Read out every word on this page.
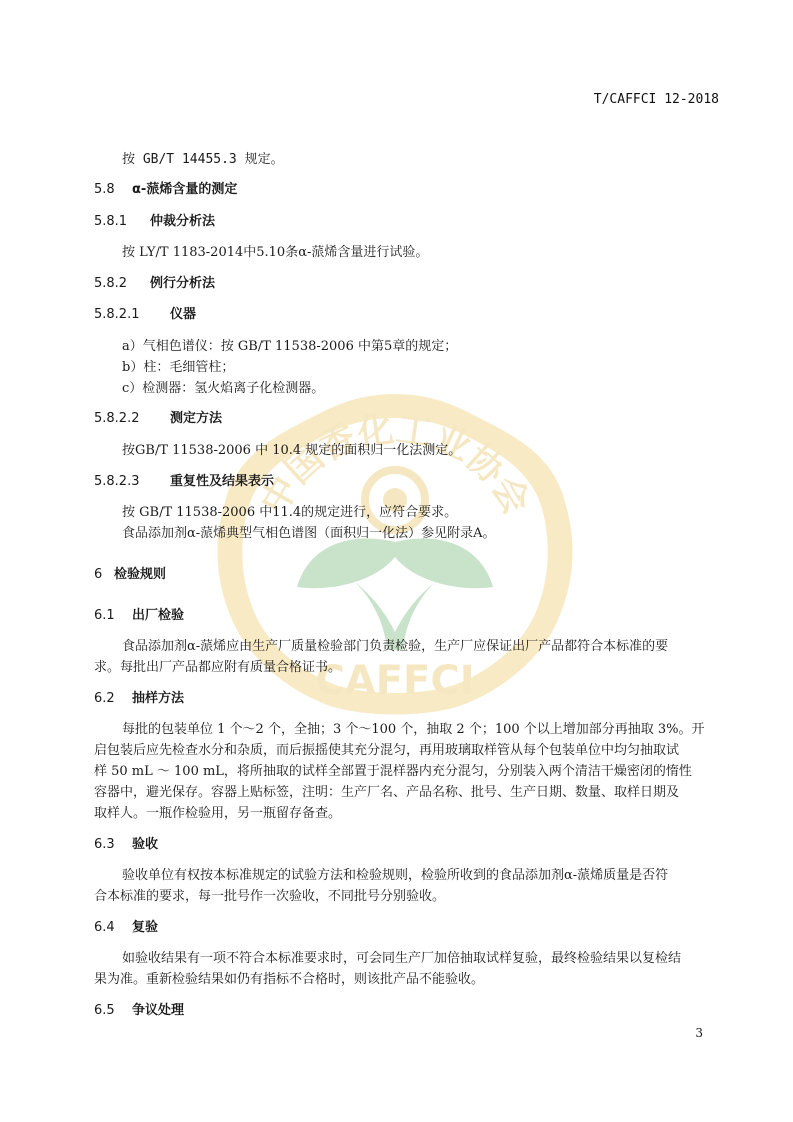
中国香化工业协会
CAFFCI
T/CAFFCI 12-2018
按 GB/T 14455.3 规定。
5.8 α-蒎烯含量的测定
5.8.1 仲裁分析法
按 LY/T 1183-2014中5.10条α-蒎烯含量进行试验。
5.8.2 例行分析法
5.8.2.1 仪器
a）气相色谱仪：按 GB/T 11538-2006 中第5章的规定；
b）柱：毛细管柱；
c）检测器：氢火焰离子化检测器。
5.8.2.2 测定方法
按GB/T 11538-2006 中 10.4 规定的面积归一化法测定。
5.8.2.3 重复性及结果表示
按 GB/T 11538-2006 中11.4的规定进行，应符合要求。
食品添加剂α-蒎烯典型气相色谱图（面积归一化法）参见附录A。
6 检验规则
6.1 出厂检验
食品添加剂α-蒎烯应由生产厂质量检验部门负责检验，生产厂应保证出厂产品都符合本标准的要
求。每批出厂产品都应附有质量合格证书。
6.2 抽样方法
每批的包装单位 1 个～2 个，全抽；3 个～100 个，抽取 2 个；100 个以上增加部分再抽取 3%。开
启包装后应先检查水分和杂质，而后振摇使其充分混匀，再用玻璃取样管从每个包装单位中均匀抽取试
样 50 mL ～ 100 mL，将所抽取的试样全部置于混样器内充分混匀，分别装入两个清洁干燥密闭的惰性
容器中，避光保存。容器上贴标签，注明：生产厂名、产品名称、批号、生产日期、数量、取样日期及
取样人。一瓶作检验用，另一瓶留存备查。
6.3 验收
验收单位有权按本标准规定的试验方法和检验规则，检验所收到的食品添加剂α-蒎烯质量是否符
合本标准的要求，每一批号作一次验收，不同批号分别验收。
6.4 复验
如验收结果有一项不符合本标准要求时，可会同生产厂加倍抽取试样复验，最终检验结果以复检结
果为准。重新检验结果如仍有指标不合格时，则该批产品不能验收。
6.5 争议处理
3
